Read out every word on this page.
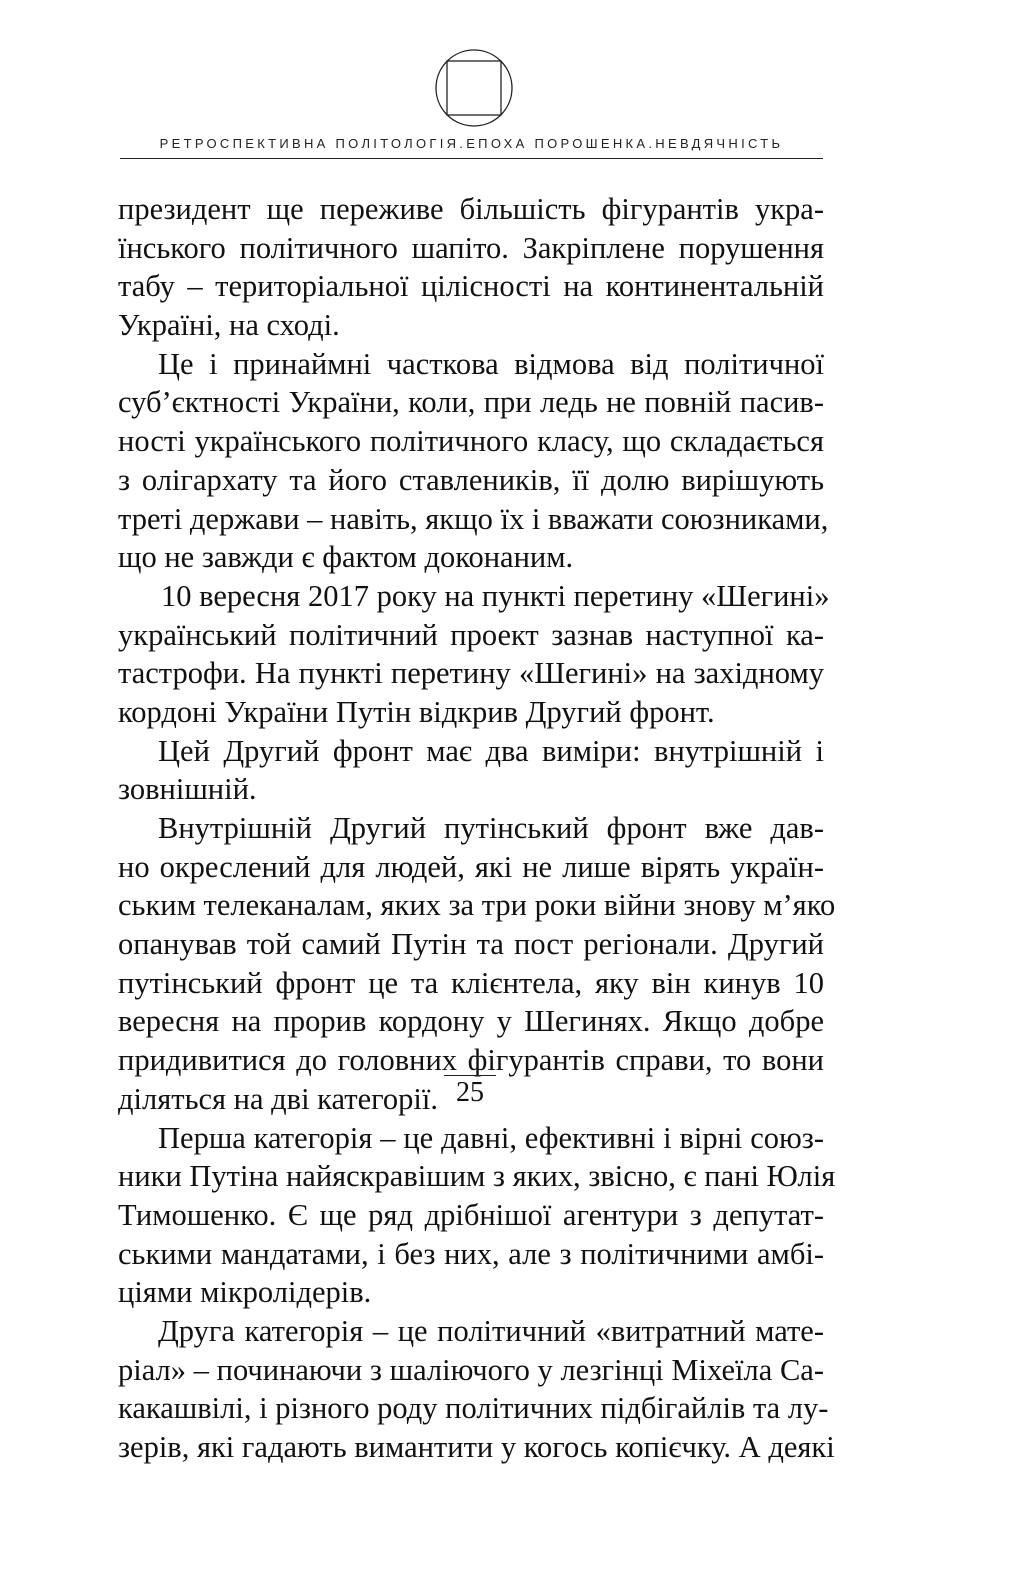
РЕТРОСПЕКТИВНА ПОЛІТОЛОГІЯ.ЕПОХА ПОРОШЕНКА.НЕВДЯЧНІСТЬ
президент ще переживе більшість фігурантів укра-
їнського політичного шапіто. Закріплене порушення
табу – територіальної цілісності на континентальній
Україні, на сході.
Це і принаймні часткова відмова від політичної
суб’єктності України, коли, при ледь не повній пасив-
ності українського політичного класу, що складається
з олігархату та його ставлеників, її долю вирішують
треті держави – навіть, якщо їх і вважати союзниками,
що не завжди є фактом доконаним.
10 вересня 2017 року на пункті перетину «Шегині»
український політичний проект зазнав наступної ка-
тастрофи. На пункті перетину «Шегині» на західному
кордоні України Путін відкрив Другий фронт.
Цей Другий фронт має два виміри: внутрішній і
зовнішній.
Внутрішній Другий путінський фронт вже дав-
но окреслений для людей, які не лише вірять україн-
ським телеканалам, яких за три роки війни знову м’яко
опанував той самий Путін та пост регіонали. Другий
путінський фронт це та клієнтела, яку він кинув 10
вересня на прорив кордону у Шегинях. Якщо добре
придивитися до головних фігурантів справи, то вони
діляться на дві категорії.
Перша категорія – це давні, ефективні і вірні союз-
ники Путіна найяскравішим з яких, звісно, є пані Юлія
Тимошенко. Є ще ряд дрібнішої агентури з депутат-
ськими мандатами, і без них, але з політичними амбі-
ціями мікролідерів.
Друга категорія – це політичний «витратний мате-
ріал» – починаючи з шаліючого у лезгінці Міхеїла Са-
какашвілі, і різного роду політичних підбігайлів та лу-
зерів, які гадають вимантити у когось копієчку. А деякі
25
